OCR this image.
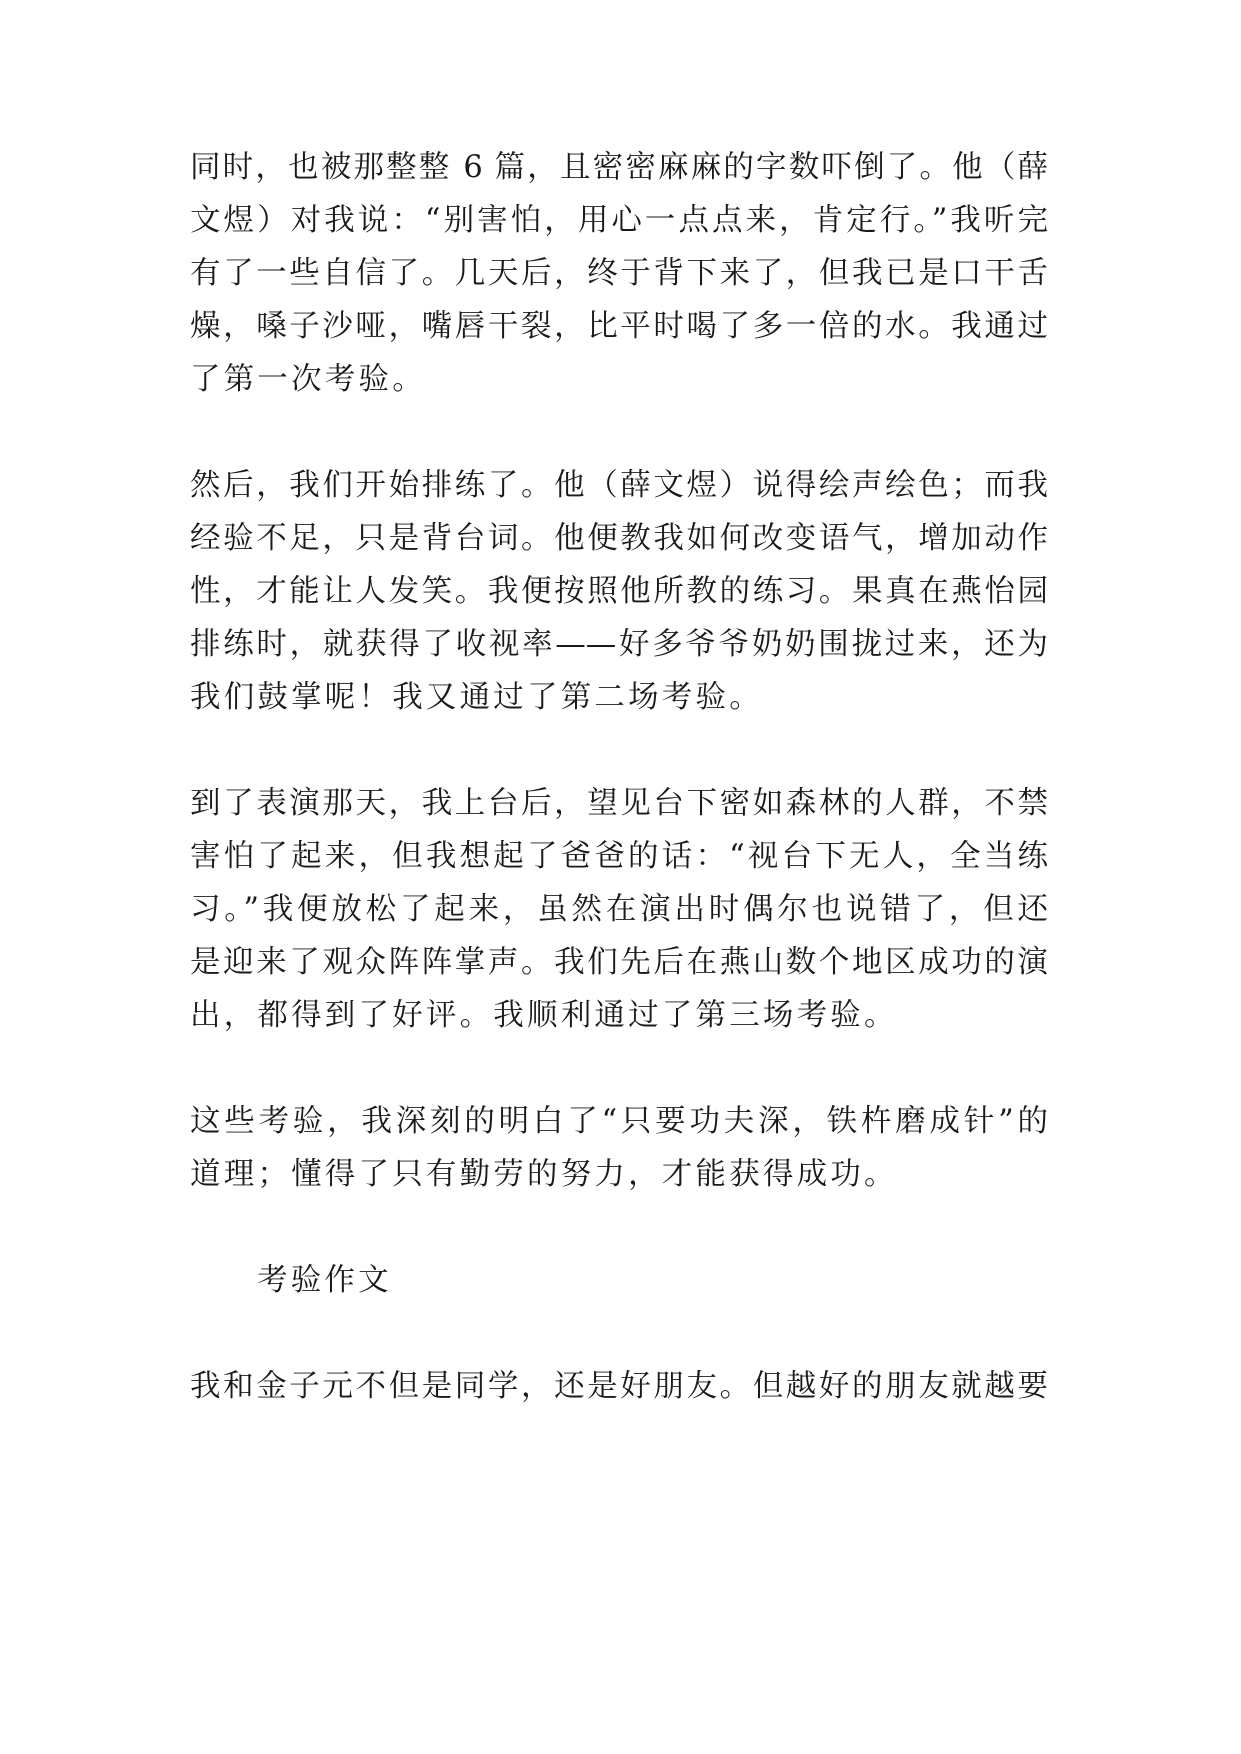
同时，也被那整整 6 篇，且密密麻麻的字数吓倒了。他（薛
文煜）对我说：“别害怕，用心一点点来，肯定行。”我听完
有了一些自信了。几天后，终于背下来了，但我已是口干舌
燥，嗓子沙哑，嘴唇干裂，比平时喝了多一倍的水。我通过
了第一次考验。
然后，我们开始排练了。他（薛文煜）说得绘声绘色；而我
经验不足，只是背台词。他便教我如何改变语气，增加动作
性，才能让人发笑。我便按照他所教的练习。果真在燕怡园
排练时，就获得了收视率——好多爷爷奶奶围拢过来，还为
我们鼓掌呢！我又通过了第二场考验。
到了表演那天，我上台后，望见台下密如森林的人群，不禁
害怕了起来，但我想起了爸爸的话：“视台下无人，全当练
习。”我便放松了起来，虽然在演出时偶尔也说错了，但还
是迎来了观众阵阵掌声。我们先后在燕山数个地区成功的演
出，都得到了好评。我顺利通过了第三场考验。
这些考验，我深刻的明白了“只要功夫深，铁杵磨成针”的
道理；懂得了只有勤劳的努力，才能获得成功。
考验作文
我和金子元不但是同学，还是好朋友。但越好的朋友就越要
